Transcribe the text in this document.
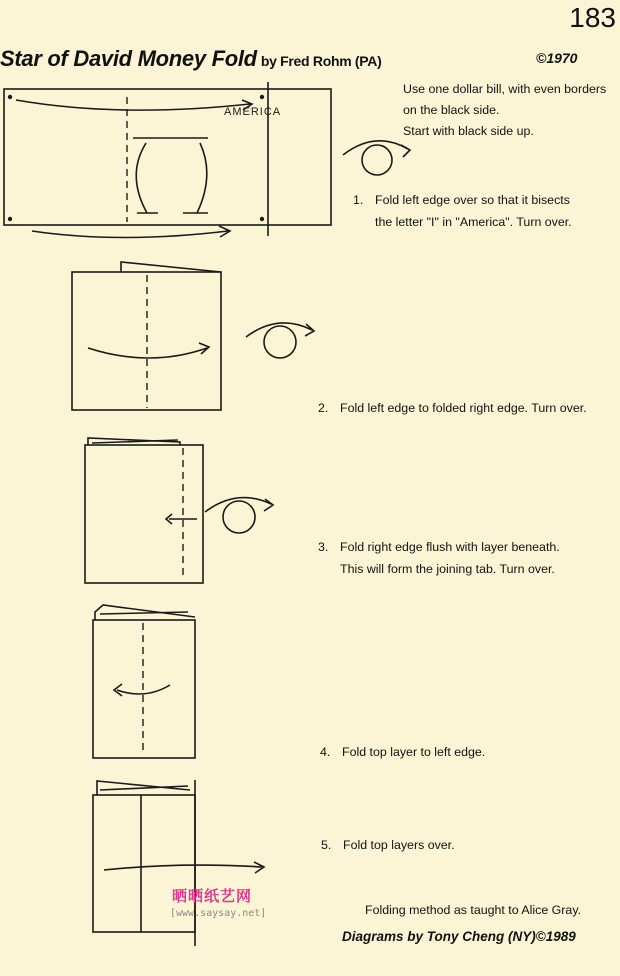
183
Star of David Money Fold by Fred Rohm (PA)	©1970
Use one dollar bill, with even borders
on the black side.
Start with black side up.
AMERICA
1. Fold left edge over so that it bisects
the letter "I" in "America". Turn over.
2. Fold left edge to folded right edge. Turn over.
3. Fold right edge flush with layer beneath.
This will form the joining tab. Turn over.
4. Fold top layer to left edge.
5. Fold top layers over.
晒晒纸艺网
[www.saysay.net]	Folding method as taught to Alice Gray.
Diagrams by Tony Cheng (NY)©1989
